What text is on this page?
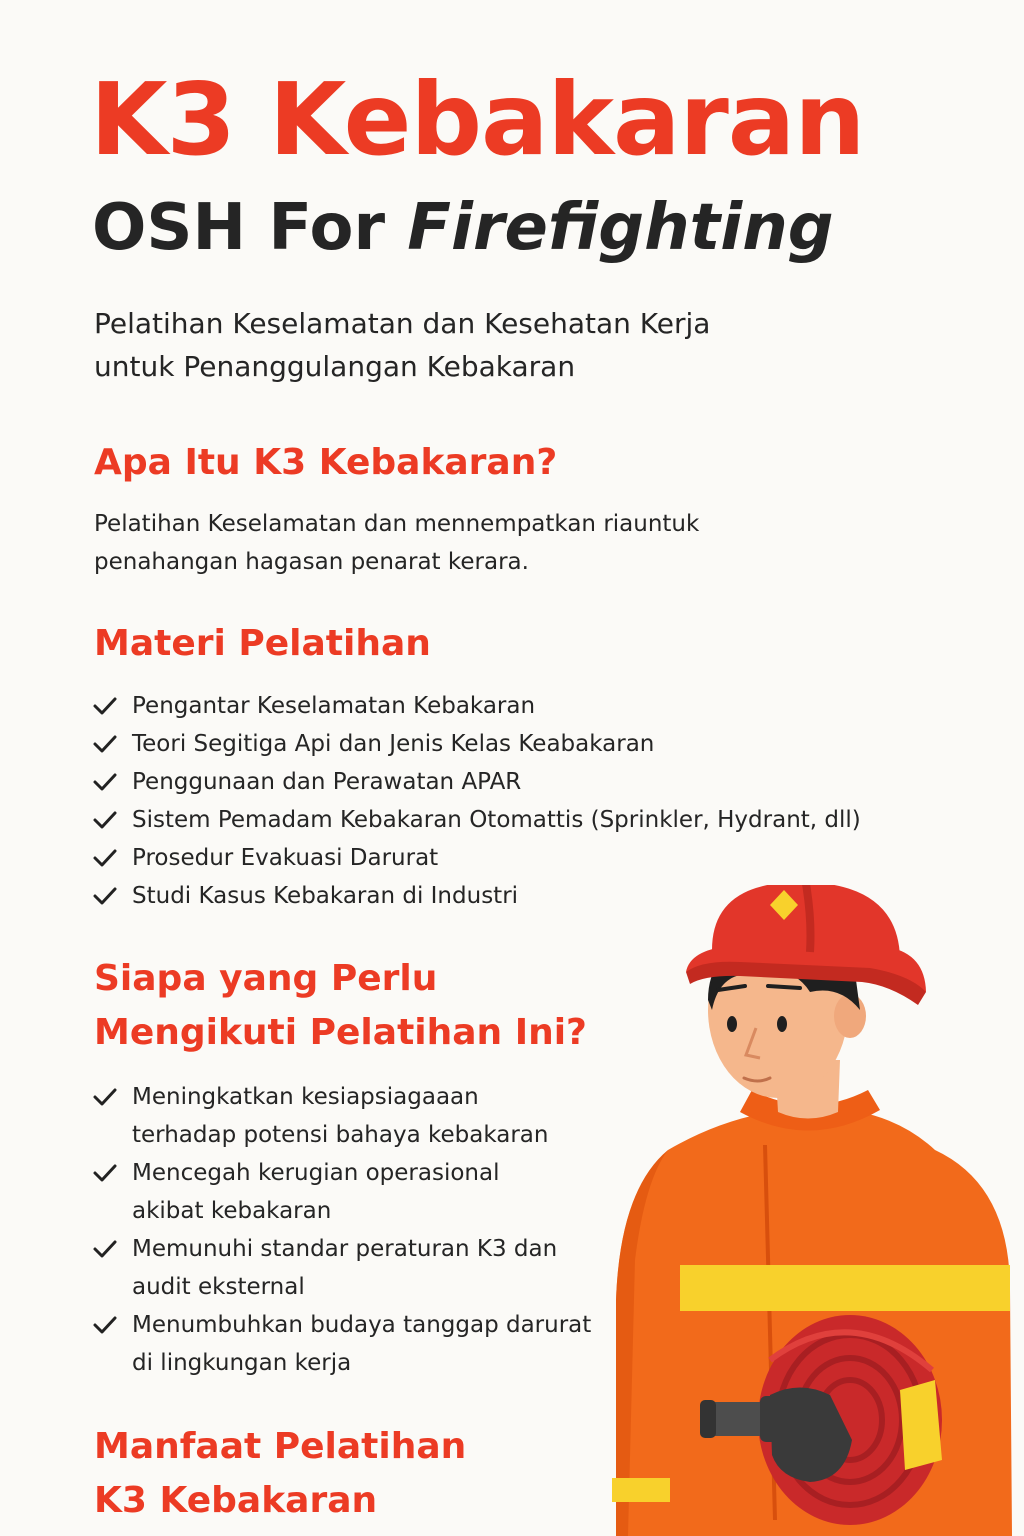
K3 Kebakaran
OSH For Firefighting

Pelatihan Keselamatan dan Kesehatan Kerja
untuk Penanggulangan Kebakaran

Apa Itu K3 Kebakaran?

Pelatihan Keselamatan dan mennempatkan riauntuk
penahangan hagasan penarat kerara.

Materi Pelatihan
Pengantar Keselamatan Kebakaran
Teori Segitiga Api dan Jenis Kelas Keabakaran
Penggunaan dan Perawatan APAR
Sistem Pemadam Kebakaran Otomattis (Sprinkler, Hydrant, dll)
Prosedur Evakuasi Darurat
Studi Kasus Kebakaran di Industri
Siapa yang Perlu
Mengikuti Pelatihan Ini?
Meningkatkan kesiapsiagaaan
terhadap potensi bahaya kebakaran
Mencegah kerugian operasional
akibat kebakaran
Memunuhi standar peraturan K3 dan
audit eksternal
Menumbuhkan budaya tanggap darurat
di lingkungan kerja
Manfaat Pelatihan
K3 Kebakaran
